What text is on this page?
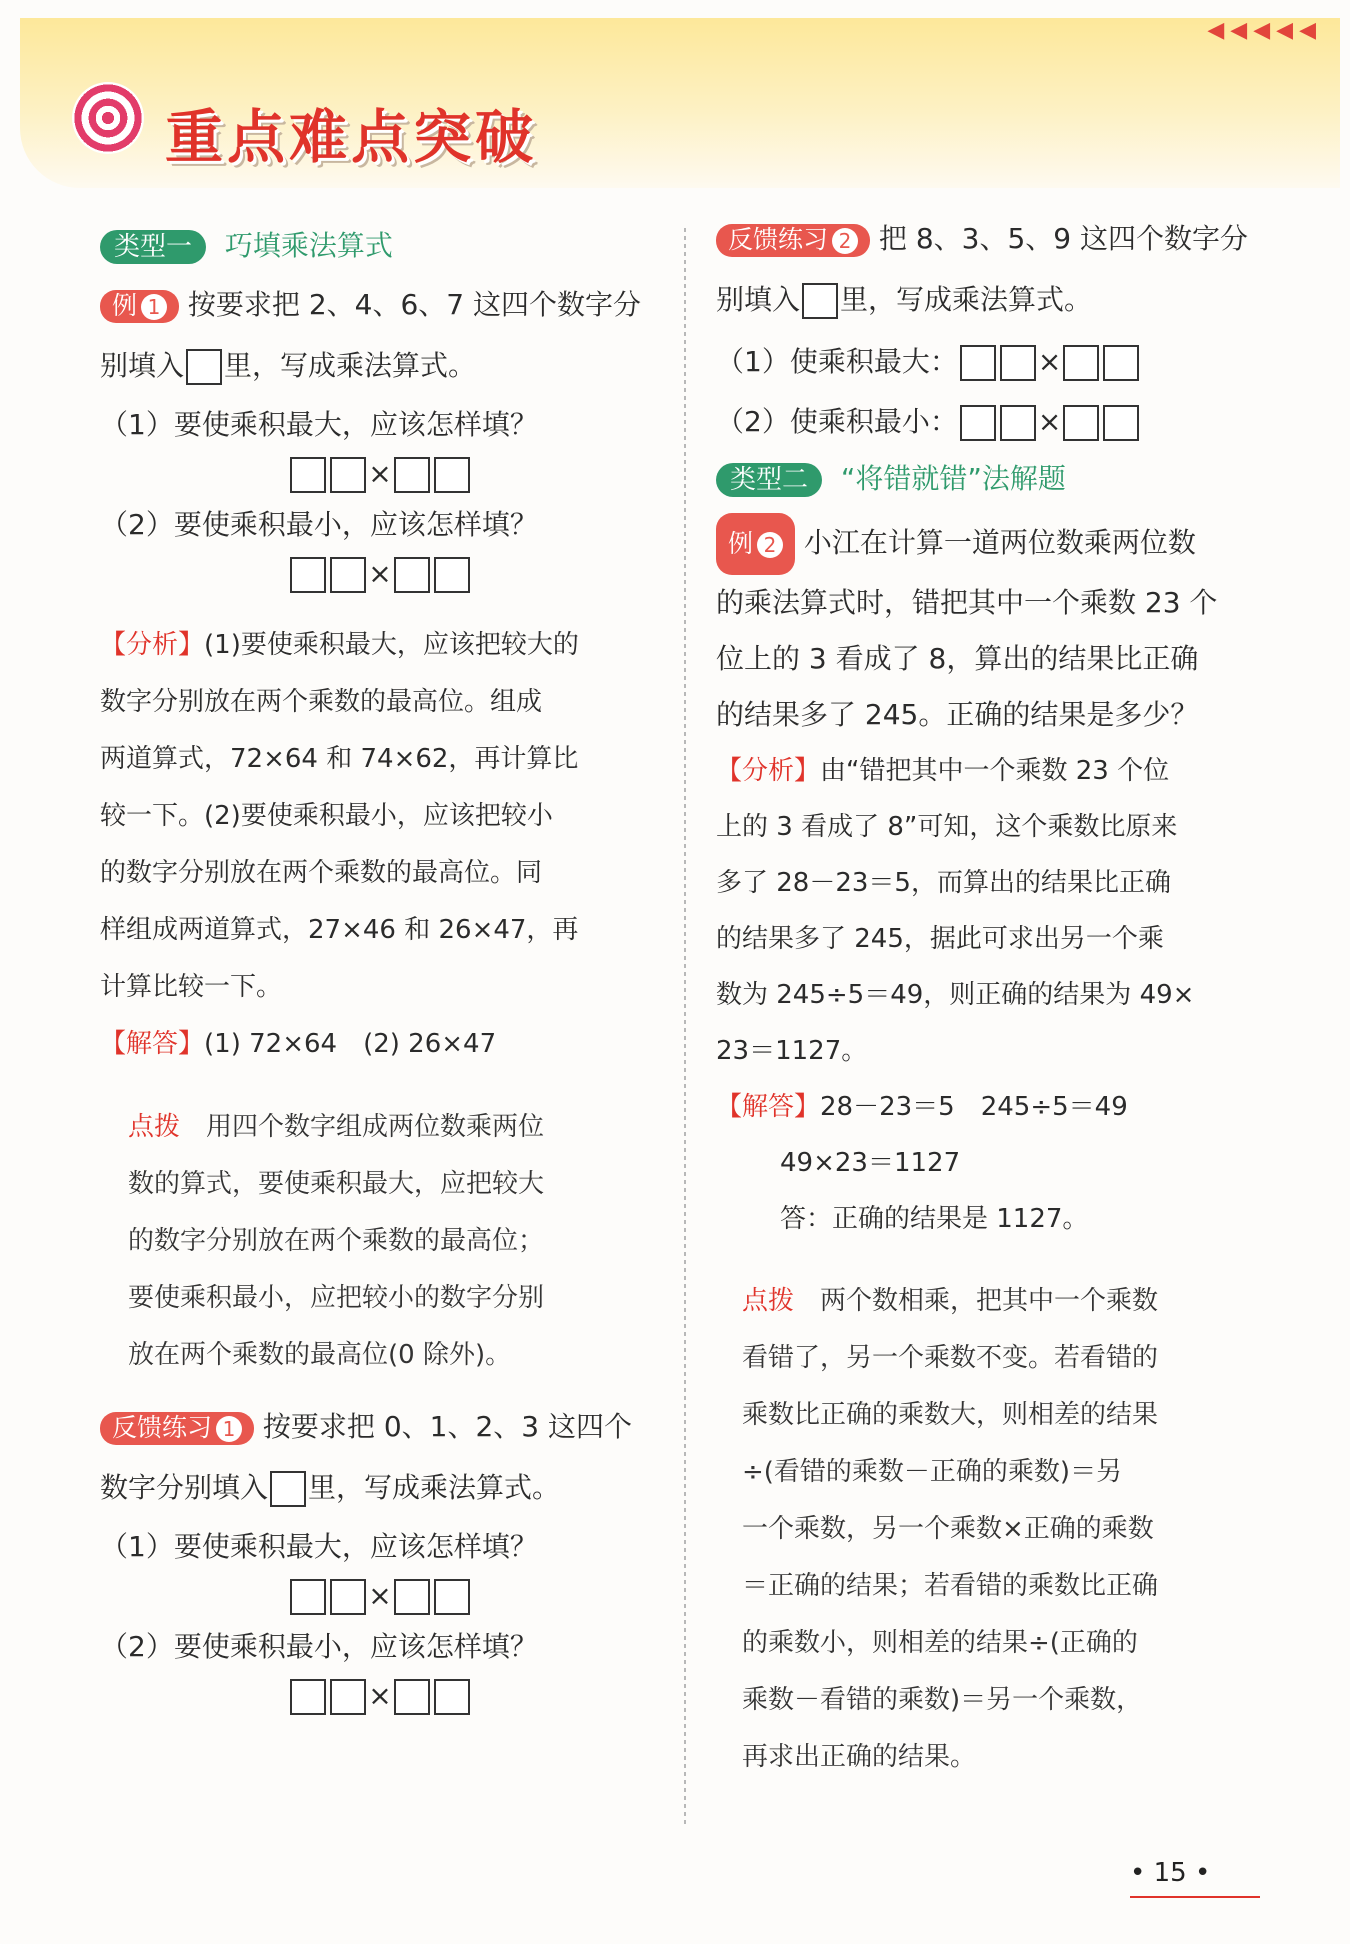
◀◀◀◀◀
重点难点突破
类型一 巧填乘法算式
例 1 按要求把 2、4、6、7 这四个数字分
别填入 里，写成乘法算式。
（1）要使乘积最大，应该怎样填？
×
（2）要使乘积最小，应该怎样填？
×
【分析】(1)要使乘积最大，应该把较大的
数字分别放在两个乘数的最高位。组成
两道算式，72×64 和 74×62，再计算比
较一下。(2)要使乘积最小，应该把较小
的数字分别放在两个乘数的最高位。同
样组成两道算式，27×46 和 26×47，再
计算比较一下。
【解答】(1) 72×64　(2) 26×47
点拨　 用四个数字组成两位数乘两位
数的算式，要使乘积最大，应把较大
的数字分别放在两个乘数的最高位；
要使乘积最小，应把较小的数字分别
放在两个乘数的最高位(0 除外)。
反馈练习 1 按要求把 0、1、2、3 这四个
数字分别填入 里，写成乘法算式。
（1）要使乘积最大，应该怎样填？
×
（2）要使乘积最小，应该怎样填？
×
反馈练习 2 把 8、3、5、9 这四个数字分
别填入 里，写成乘法算式。
（1）使乘积最大：	×
（2）使乘积最小：	×
类型二 “将错就错”法解题
例 2 小江在计算一道两位数乘两位数
的乘法算式时，错把其中一个乘数 23 个
位上的 3 看成了 8，算出的结果比正确
的结果多了 245。正确的结果是多少？
【分析】由“错把其中一个乘数 23 个位
上的 3 看成了 8”可知，这个乘数比原来
多了 28－23＝5，而算出的结果比正确
的结果多了 245，据此可求出另一个乘
数为 245÷5＝49，则正确的结果为 49×
23＝1127。
【解答】28－23＝5　245÷5＝49
49×23＝1127
答：正确的结果是 1127。
点拨　 两个数相乘，把其中一个乘数
看错了，另一个乘数不变。若看错的
乘数比正确的乘数大，则相差的结果
÷(看错的乘数－正确的乘数)＝另
一个乘数，另一个乘数×正确的乘数
＝正确的结果；若看错的乘数比正确
的乘数小，则相差的结果÷(正确的
乘数－看错的乘数)＝另一个乘数，
再求出正确的结果。
• 15 •
